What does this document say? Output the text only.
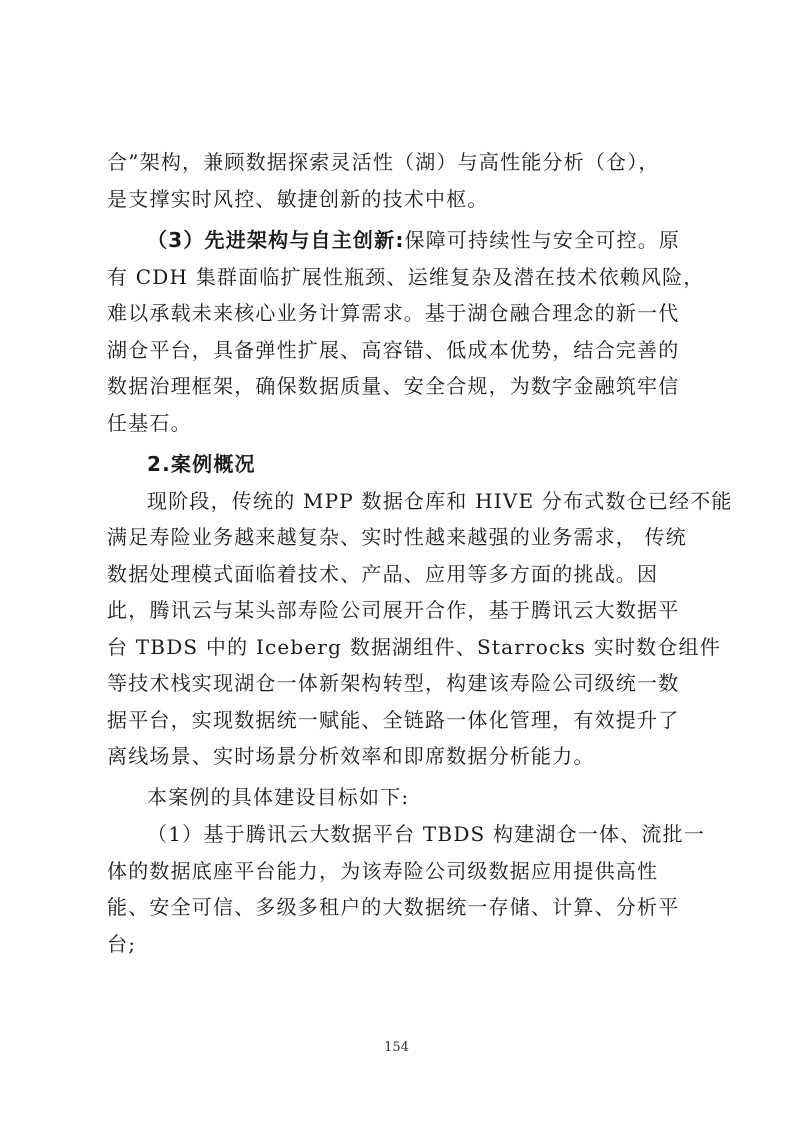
合”架构，兼顾数据探索灵活性（湖）与高性能分析（仓），
是支撑实时风控、敏捷创新的技术中枢。
（3）先进架构与自主创新:保障可持续性与安全可控。原
有 CDH 集群面临扩展性瓶颈、运维复杂及潜在技术依赖风险，
难以承载未来核心业务计算需求。基于湖仓融合理念的新一代
湖仓平台，具备弹性扩展、高容错、低成本优势，结合完善的
数据治理框架，确保数据质量、安全合规，为数字金融筑牢信
任基石。
2.案例概况
现阶段，传统的 MPP 数据仓库和 HIVE 分布式数仓已经不能
满足寿险业务越来越复杂、实时性越来越强的业务需求， 传统
数据处理模式面临着技术、产品、应用等多方面的挑战。因
此，腾讯云与某头部寿险公司展开合作，基于腾讯云大数据平
台 TBDS 中的 Iceberg 数据湖组件、Starrocks 实时数仓组件
等技术栈实现湖仓一体新架构转型，构建该寿险公司级统一数
据平台，实现数据统一赋能、全链路一体化管理，有效提升了
离线场景、实时场景分析效率和即席数据分析能力。
本案例的具体建设目标如下:
（1）基于腾讯云大数据平台 TBDS 构建湖仓一体、流批一
体的数据底座平台能力，为该寿险公司级数据应用提供高性
能、安全可信、多级多租户的大数据统一存储、计算、分析平
台;
154
